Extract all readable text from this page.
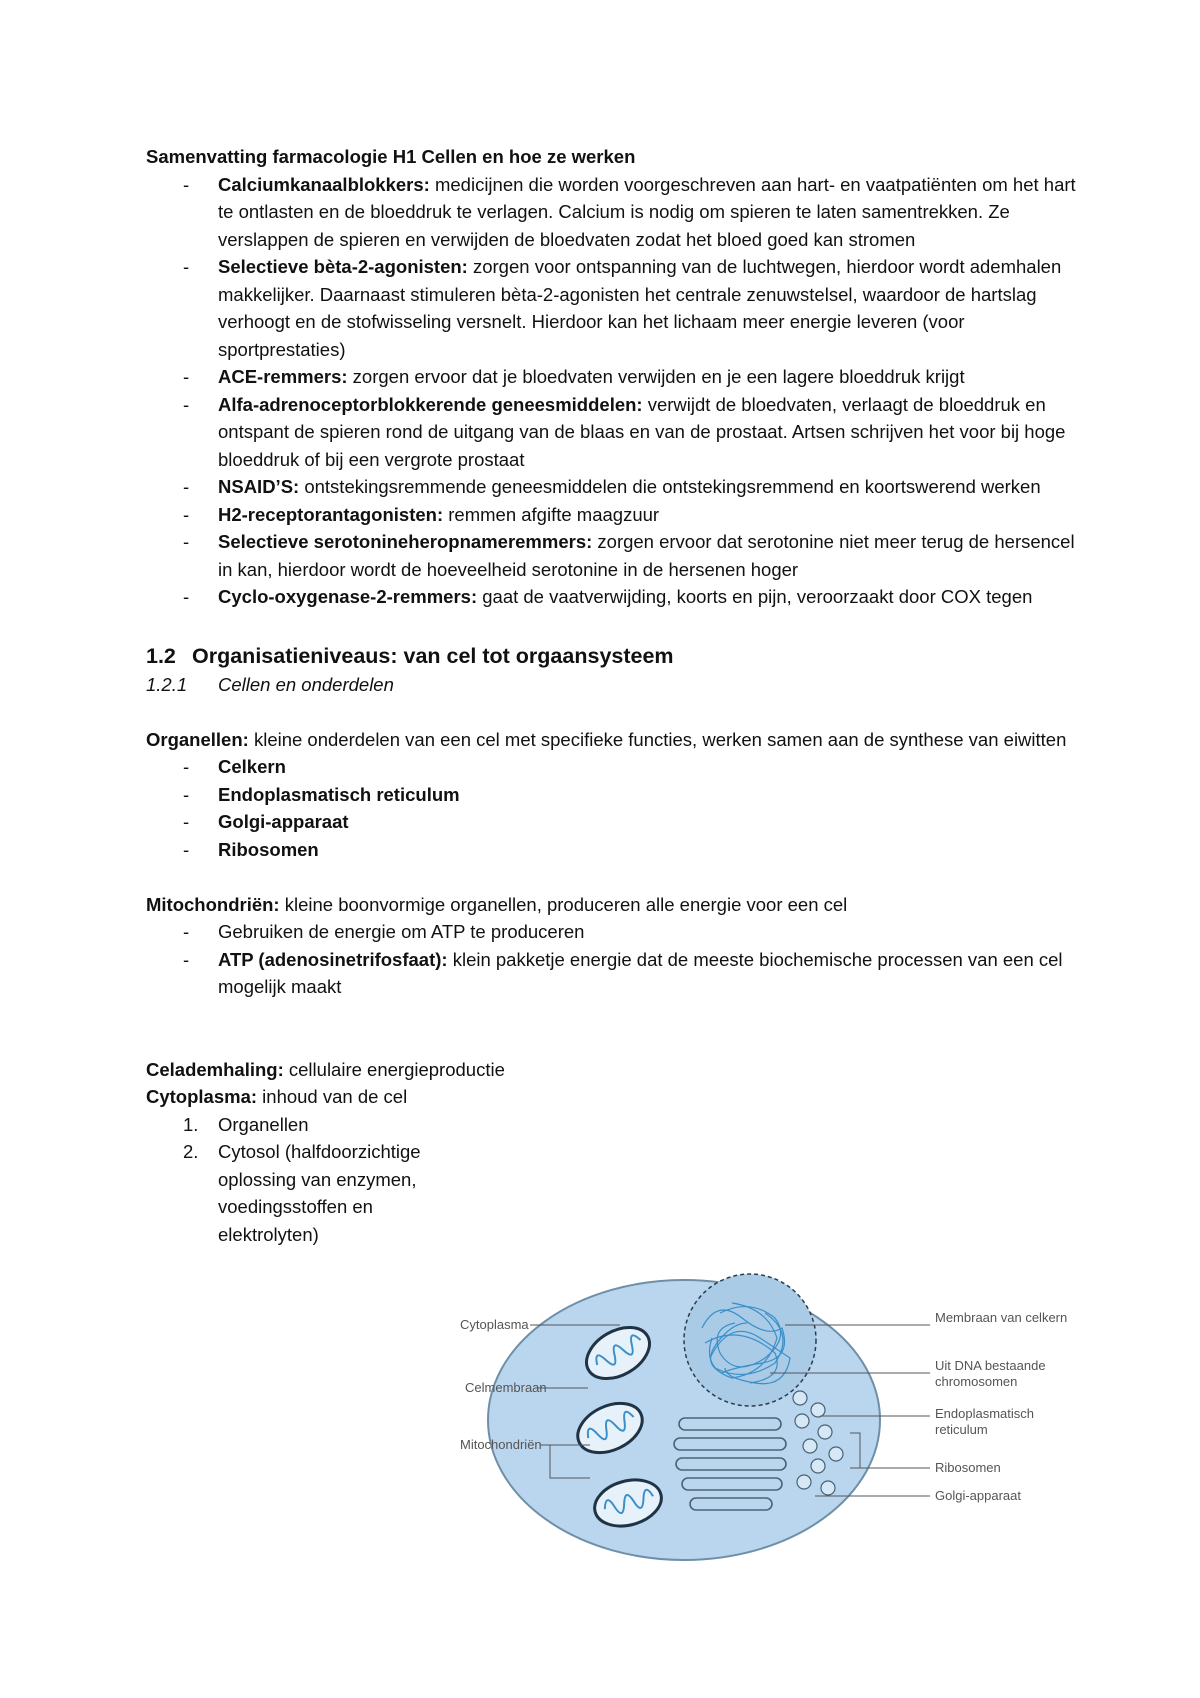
Samenvatting farmacologie H1 Cellen en hoe ze werken
- Calciumkanaalblokkers: medicijnen die worden voorgeschreven aan hart- en vaatpatiënten om het hart te ontlasten en de bloeddruk te verlagen. Calcium is nodig om spieren te laten samentrekken. Ze verslappen de spieren en verwijden de bloedvaten zodat het bloed goed kan stromen
- Selectieve bèta-2-agonisten: zorgen voor ontspanning van de luchtwegen, hierdoor wordt ademhalen makkelijker. Daarnaast stimuleren bèta-2-agonisten het centrale zenuwstelsel, waardoor de hartslag verhoogt en de stofwisseling versnelt. Hierdoor kan het lichaam meer energie leveren (voor sportprestaties)
- ACE-remmers: zorgen ervoor dat je bloedvaten verwijden en je een lagere bloeddruk krijgt
- Alfa-adrenoceptorblokkerende geneesmiddelen: verwijdt de bloedvaten, verlaagt de bloeddruk en ontspant de spieren rond de uitgang van de blaas en van de prostaat. Artsen schrijven het voor bij hoge bloeddruk of bij een vergrote prostaat
- NSAID’S: ontstekingsremmende geneesmiddelen die ontstekingsremmend en koortswerend werken
- H2-receptorantagonisten: remmen afgifte maagzuur
- Selectieve serotonineheropnameremmers: zorgen ervoor dat serotonine niet meer terug de hersencel in kan, hierdoor wordt de hoeveelheid serotonine in de hersenen hoger
- Cyclo-oxygenase-2-remmers: gaat de vaatverwijding, koorts en pijn, veroorzaakt door COX tegen
1.2 Organisatieniveaus: van cel tot orgaansysteem

1.2.1 Cellen en onderdelen

Organellen: kleine onderdelen van een cel met specifieke functies, werken samen aan de synthese van eiwitten
- Celkern
- Endoplasmatisch reticulum
- Golgi-apparaat
- Ribosomen
Mitochondriën: kleine boonvormige organellen, produceren alle energie voor een cel
- Gebruiken de energie om ATP te produceren
- ATP (adenosinetrifosfaat): klein pakketje energie dat de meeste biochemische processen van een cel mogelijk maakt
Celademhaling: cellulaire energieproductie
Cytoplasma: inhoud van de cel
1. Organellen
2. Cytosol (halfdoorzichtige oplossing van enzymen, voedingsstoffen en elektrolyten)
Cytoplasma
Celmembraan
Mitochondriën
Membraan van celkern
Uit DNA bestaande chromosomen
Endoplasmatisch reticulum
Ribosomen
Golgi-apparaat
